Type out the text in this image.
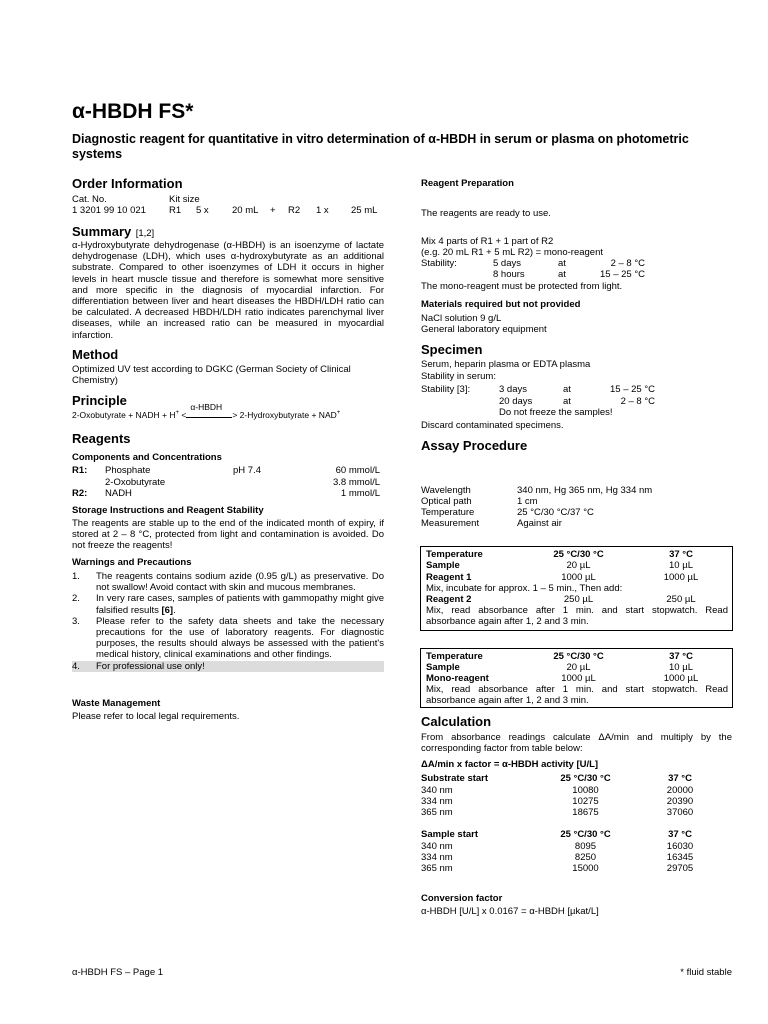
α-HBDH FS*
Diagnostic reagent for quantitative in vitro determination of α-HBDH in serum or plasma on photometric systems
Order Information
Cat. No.	Kit size
1 3201 99 10 021 R1 5 x 20 mL + R2 1 x 25 mL
Summary [1,2]
α-Hydroxybutyrate dehydrogenase (α-HBDH) is an isoenzyme of lactate dehydrogenase (LDH), which uses α-hydroxybutyrate as an additional substrate. Compared to other isoenzymes of LDH it occurs in higher levels in heart muscle tissue and therefore is somewhat more sensitive and more specific in the diagnosis of myocardial infarction. For differentiation between liver and heart diseases the HBDH/LDH ratio can be calculated. A decreased HBDH/LDH ratio indicates parenchymal liver diseases, while an increased ratio can be measured in myocardial infarction.
Method
Optimized UV test according to DGKC (German Society of Clinical Chemistry)
Principle
2-Oxobutyrate + NADH + H+ <
α-HBDH
> 2-Hydroxybutyrate + NAD+
Reagents
Components and Concentrations
R1: Phosphate	pH 7.4	60 mmol/L
2-Oxobutyrate	3.8 mmol/L
R2: NADH	1 mmol/L
Storage Instructions and Reagent Stability
The reagents are stable up to the end of the indicated month of expiry, if stored at 2 – 8 °C, protected from light and contamination is avoided. Do not freeze the reagents!
Warnings and Precautions
1. The reagents contains sodium azide (0.95 g/L) as preservative. Do not swallow! Avoid contact with skin and mucous membranes.
2. In very rare cases, samples of patients with gammopathy might give falsified results [6].
3. Please refer to the safety data sheets and take the necessary precautions for the use of laboratory reagents. For diagnostic purposes, the results should always be assessed with the patient's medical history, clinical examinations and other findings.
4. For professional use only!
Waste Management
Please refer to local legal requirements.
Reagent Preparation
The reagents are ready to use.
Mix 4 parts of R1 + 1 part of R2
(e.g. 20 mL R1 + 5 mL R2) = mono-reagent
Stability:	5 days	at	2 – 8 °C
8 hours	at	15 – 25 °C
The mono-reagent must be protected from light.
Materials required but not provided
NaCl solution 9 g/L
General laboratory equipment
Specimen
Serum, heparin plasma or EDTA plasma
Stability in serum:
Stability [3]:	3 days	at	15 – 25 °C
20 days	at	2 – 8 °C
Do not freeze the samples!
Discard contaminated specimens.
Assay Procedure
Wavelength	340 nm, Hg 365 nm, Hg 334 nm
Optical path	1 cm
Temperature	25 °C/30 °C/37 °C
Measurement	Against air
Temperature	25 °C/30 °C	37 °C
Sample	20 µL	10 µL
Reagent 1	1000 µL	1000 µL
Mix, incubate for approx. 1 – 5 min., Then add:
Reagent 2	250 µL	250 µL
Mix, read absorbance after 1 min. and start stopwatch. Read absorbance again after 1, 2 and 3 min.
Temperature	25 °C/30 °C	37 °C
Sample	20 µL	10 µL
Mono-reagent	1000 µL	1000 µL
Mix, read absorbance after 1 min. and start stopwatch. Read absorbance again after 1, 2 and 3 min.
Calculation
From absorbance readings calculate ΔA/min and multiply by the corresponding factor from table below:
ΔA/min x factor = α-HBDH activity [U/L]
Substrate start	25 °C/30 °C	37 °C
340 nm	10080	20000
334 nm	10275	20390
365 nm	18675	37060
Sample start	25 °C/30 °C	37 °C
340 nm	8095	16030
334 nm	8250	16345
365 nm	15000	29705
Conversion factor
α-HBDH [U/L] x 0.0167 = α-HBDH [µkat/L]
α-HBDH FS – Page 1	* fluid stable
